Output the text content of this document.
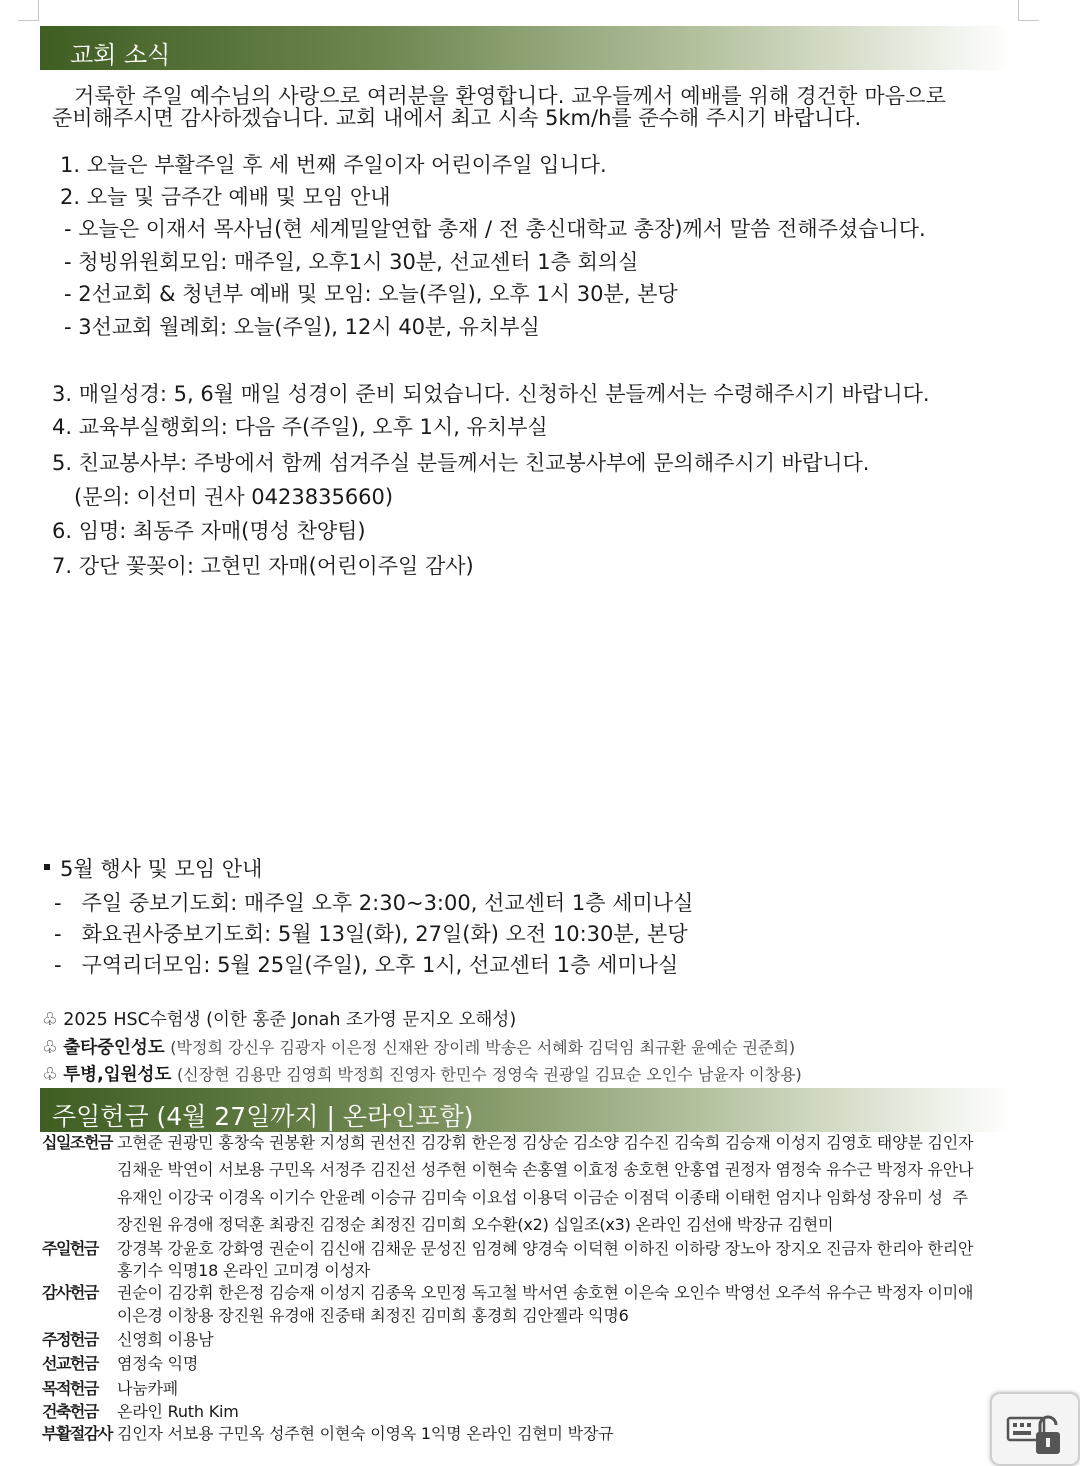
교회 소식
거룩한 주일 예수님의 사랑으로 여러분을 환영합니다. 교우들께서 예배를 위해 경건한 마음으로
준비해주시면 감사하겠습니다. 교회 내에서 최고 시속 5km/h를 준수해 주시기 바랍니다.
1. 오늘은 부활주일 후 세 번째 주일이자 어린이주일 입니다.
2. 오늘 및 금주간 예배 및 모임 안내
- 오늘은 이재서 목사님(현 세계밀알연합 총재 / 전 총신대학교 총장)께서 말씀 전해주셨습니다.
- 청빙위원회모임: 매주일, 오후1시 30분, 선교센터 1층 회의실
- 2선교회 & 청년부 예배 및 모임: 오늘(주일), 오후 1시 30분, 본당
- 3선교회 월례회: 오늘(주일), 12시 40분, 유치부실
3. 매일성경: 5, 6월 매일 성경이 준비 되었습니다. 신청하신 분들께서는 수령해주시기 바랍니다.
4. 교육부실행회의: 다음 주(주일), 오후 1시, 유치부실
5. 친교봉사부: 주방에서 함께 섬겨주실 분들께서는 친교봉사부에 문의해주시기 바랍니다.
(문의: 이선미 권사 0423835660)
6. 임명: 최동주 자매(명성 찬양팀)
7. 강단 꽃꽂이: 고현민 자매(어린이주일 감사)
5월 행사 및 모임 안내
-   주일 중보기도회: 매주일 오후 2:30~3:00, 선교센터 1층 세미나실
-   화요권사중보기도회: 5월 13일(화), 27일(화) 오전 10:30분, 본당
-   구역리더모임: 5월 25일(주일), 오후 1시, 선교센터 1층 세미나실
♧ 2025 HSC수험생 (이한 홍준 Jonah 조가영 문지오 오해성)
♧ 출타중인성도 (박정희 강신우 김광자 이은정 신재완 장이레 박송은 서혜화 김덕임 최규환 윤예순 권준희)
♧ 투병,입원성도 (신장현 김용만 김영희 박정희 진영자 한민수 정영숙 권광일 김묘순 오인수 남윤자 이창용)
주일헌금 (4월 27일까지 | 온라인포함)
십일조헌금 고현준 권광민 홍창숙 권봉환 지성희 권선진 김강휘 한은정 김상순 김소양 김수진 김숙희 김승재 이성지 김영호 태양분 김인자
김채운 박연이 서보용 구민옥 서정주 김진선 성주현 이현숙 손홍열 이효정 송호현 안홍엽 권정자 염정숙 유수근 박정자 유안나
유재인 이강국 이경옥 이기수 안윤례 이승규 김미숙 이요섭 이용덕 이금순 이점덕 이종태 이태헌 엄지나 임화성 장유미 성  주
장진원 유경애 정덕훈 최광진 김정순 최정진 김미희 오수환(x2) 십일조(x3) 온라인 김선애 박장규 김현미
주일헌금 강경복 강윤호 강화영 권순이 김신애 김채운 문성진 임경혜 양경숙 이덕현 이하진 이하랑 장노아 장지오 진금자 한리아 한리안
홍기수 익명18 온라인 고미경 이성자
감사헌금 권순이 김강휘 한은정 김승재 이성지 김종욱 오민정 독고철 박서연 송호현 이은숙 오인수 박영선 오주석 유수근 박정자 이미애
이은경 이창용 장진원 유경애 진중태 최정진 김미희 홍경희 김안젤라 익명6
주정헌금 신영희 이용남
선교헌금 염정숙 익명
목적헌금 나눔카페
건축헌금 온라인 Ruth Kim
부활절감사 김인자 서보용 구민옥 성주현 이현숙 이영옥 1익명 온라인 김현미 박장규
